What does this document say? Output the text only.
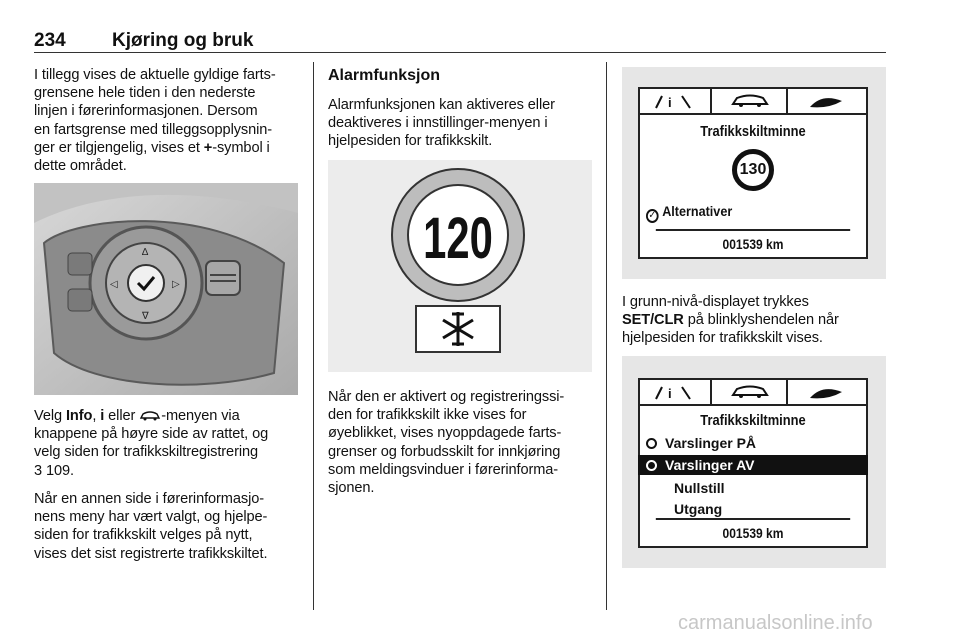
234 Kjøring og bruk
I tillegg vises de aktuelle gyldige farts-
grensene hele tiden i den nederste
linjen i førerinformasjonen. Dersom
en fartsgrense med tilleggsopplysnin-
ger er tilgjengelig, vises et +-symbol i
dette området.
∆
∇
◁	▷
Velg Info, i eller -menyen via
knappene på høyre side av rattet, og
velg siden for trafikkskiltregistrering
3 109.
Når en annen side i førerinformasjo-
nens meny har vært valgt, og hjelpe-
siden for trafikkskilt velges på nytt,
vises det sist registrerte trafikkskiltet.
Alarmfunksjon
Alarmfunksjonen kan aktiveres eller
deaktiveres i innstillinger-menyen i
hjelpesiden for trafikkskilt.
120
Når den er aktivert og registreringssi-
den for trafikkskilt ikke vises for
øyeblikket, vises nyoppdagede farts-
grenser og forbudsskilt for innkjøring
som meldingsvinduer i førerinforma-
sjonen.
i
Trafikkskiltminne
130
✓ Alternativer
001539 km
I grunn-nivå-displayet trykkes
SET/CLR på blinklyshendelen når
hjelpesiden for trafikkskilt vises.
i
Trafikkskiltminne
Varslinger PÅ
Varslinger AV
Nullstill
Utgang
001539 km
carmanualsonline.info
